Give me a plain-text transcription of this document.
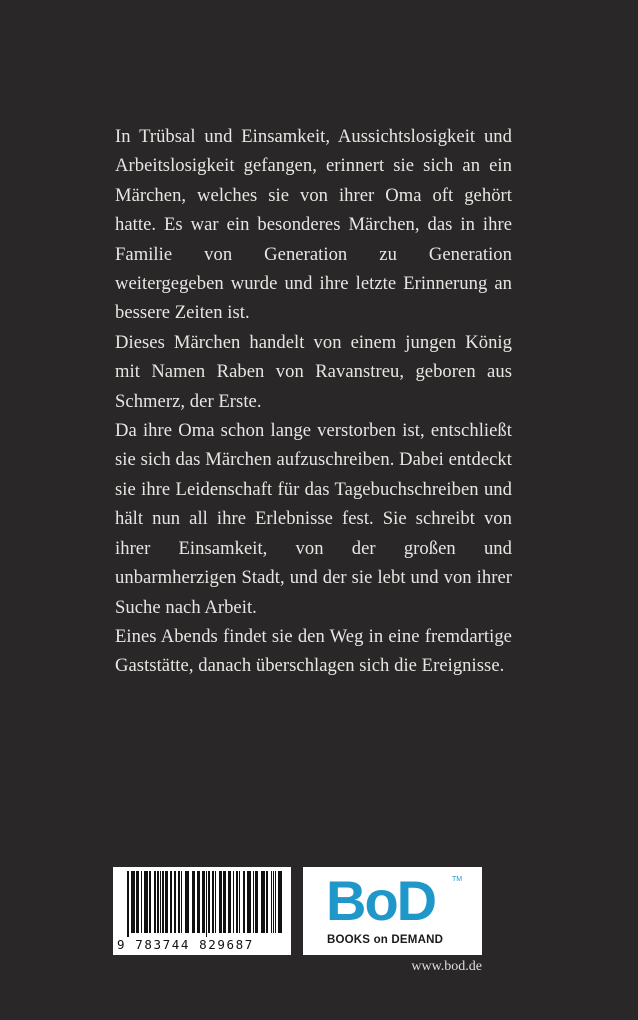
In Trübsal und Einsamkeit, Aussichtslosigkeit und Arbeitslosigkeit gefangen, erinnert sie sich an ein Märchen, welches sie von ihrer Oma oft gehört hatte. Es war ein besonderes Märchen, das in ihre Familie von Generation zu Generation weitergegeben wurde und ihre letzte Erinnerung an bessere Zeiten ist.

Dieses Märchen handelt von einem jungen König mit Namen Raben von Ravanstreu, geboren aus Schmerz, der Erste.

Da ihre Oma schon lange verstorben ist, entschließt sie sich das Märchen aufzuschreiben. Dabei entdeckt sie ihre Leidenschaft für das Tagebuchschreiben und hält nun all ihre Erlebnisse fest. Sie schreibt von ihrer Einsamkeit, von der großen und unbarmherzigen Stadt, und der sie lebt und von ihrer Suche nach Arbeit.

Eines Abends findet sie den Weg in eine fremdartige Gaststätte, danach überschlagen sich die Ereignisse.

9 783744 829687
BoD TM
BOOKS on DEMAND
www.bod.de
